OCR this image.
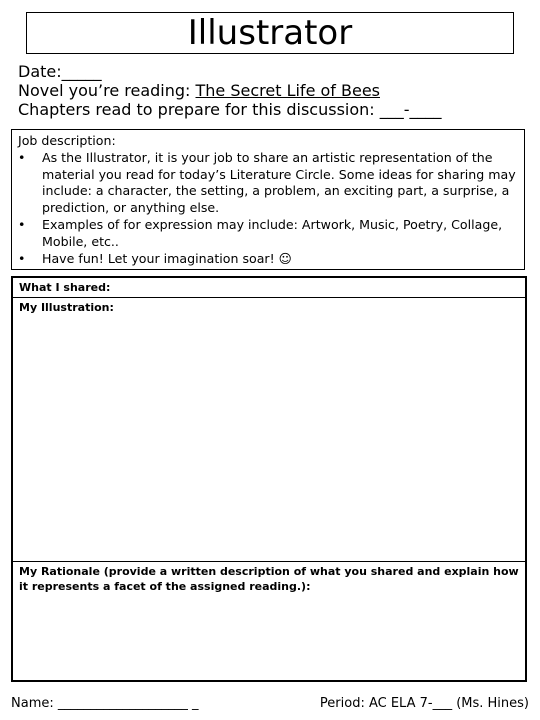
Illustrator
Date:_____
Novel you’re reading: The Secret Life of Bees
Chapters read to prepare for this discussion: ___-____
Job description:
• As the Illustrator, it is your job to share an artistic representation of the material you read for today’s Literature Circle. Some ideas for sharing may include: a character, the setting, a problem, an exciting part, a surprise, a prediction, or anything else.
• Examples of for expression may include: Artwork, Music, Poetry, Collage, Mobile, etc..
• Have fun! Let your imagination soar! ☺
What I shared:
My Illustration:
My Rationale (provide a written description of what you shared and explain how it represents a facet of the assigned reading.):
Name: ____________________ _	Period: AC ELA 7-___ (Ms. Hines)
